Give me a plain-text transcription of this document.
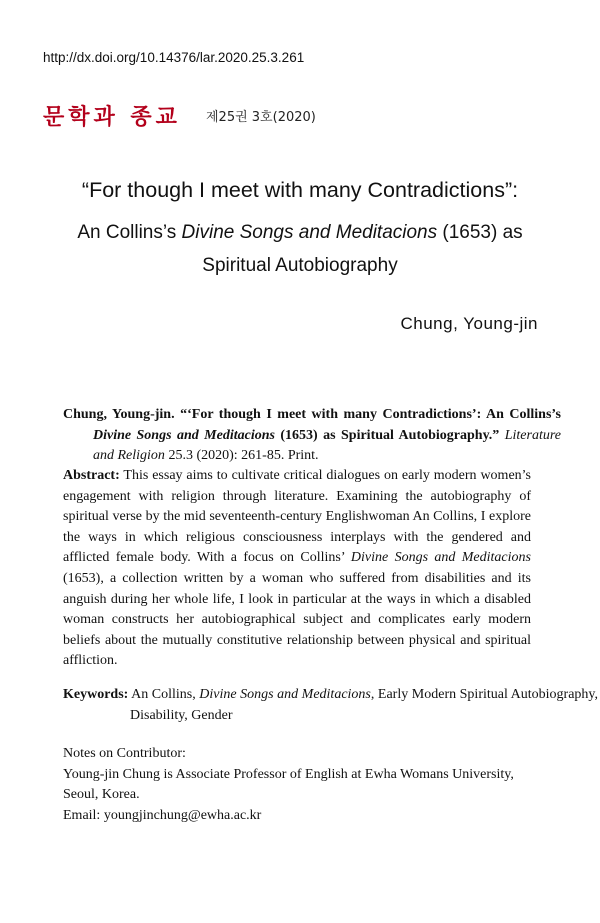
http://dx.doi.org/10.14376/lar.2020.25.3.261
문학과 종교 제25권 3호(2020)
“For though I meet with many Contradictions”:
An Collins’s Divine Songs and Meditacions (1653) as
Spiritual Autobiography
Chung, Young-jin
Chung, Young-jin. “‘For though I meet with many Contradictions’: An Collins’s Divine Songs and Meditacions (1653) as Spiritual Autobiography.” Literature and Religion 25.3 (2020): 261-85. Print.
Abstract: This essay aims to cultivate critical dialogues on early modern women’s engagement with religion through literature. Examining the autobiography of spiritual verse by the mid seventeenth-century Englishwoman An Collins, I explore the ways in which religious consciousness interplays with the gendered and afflicted female body. With a focus on Collins’ Divine Songs and Meditacions (1653), a collection written by a woman who suffered from disabilities and its anguish during her whole life, I look in particular at the ways in which a disabled woman constructs her autobiographical subject and complicates early modern beliefs about the mutually constitutive relationship between physical and spiritual affliction.
Keywords: An Collins, Divine Songs and Meditacions, Early Modern Spiritual Autobiography, Disability, Gender
Notes on Contributor:
Young-jin Chung is Associate Professor of English at Ewha Womans University, Seoul, Korea.
Email: youngjinchung@ewha.ac.kr
